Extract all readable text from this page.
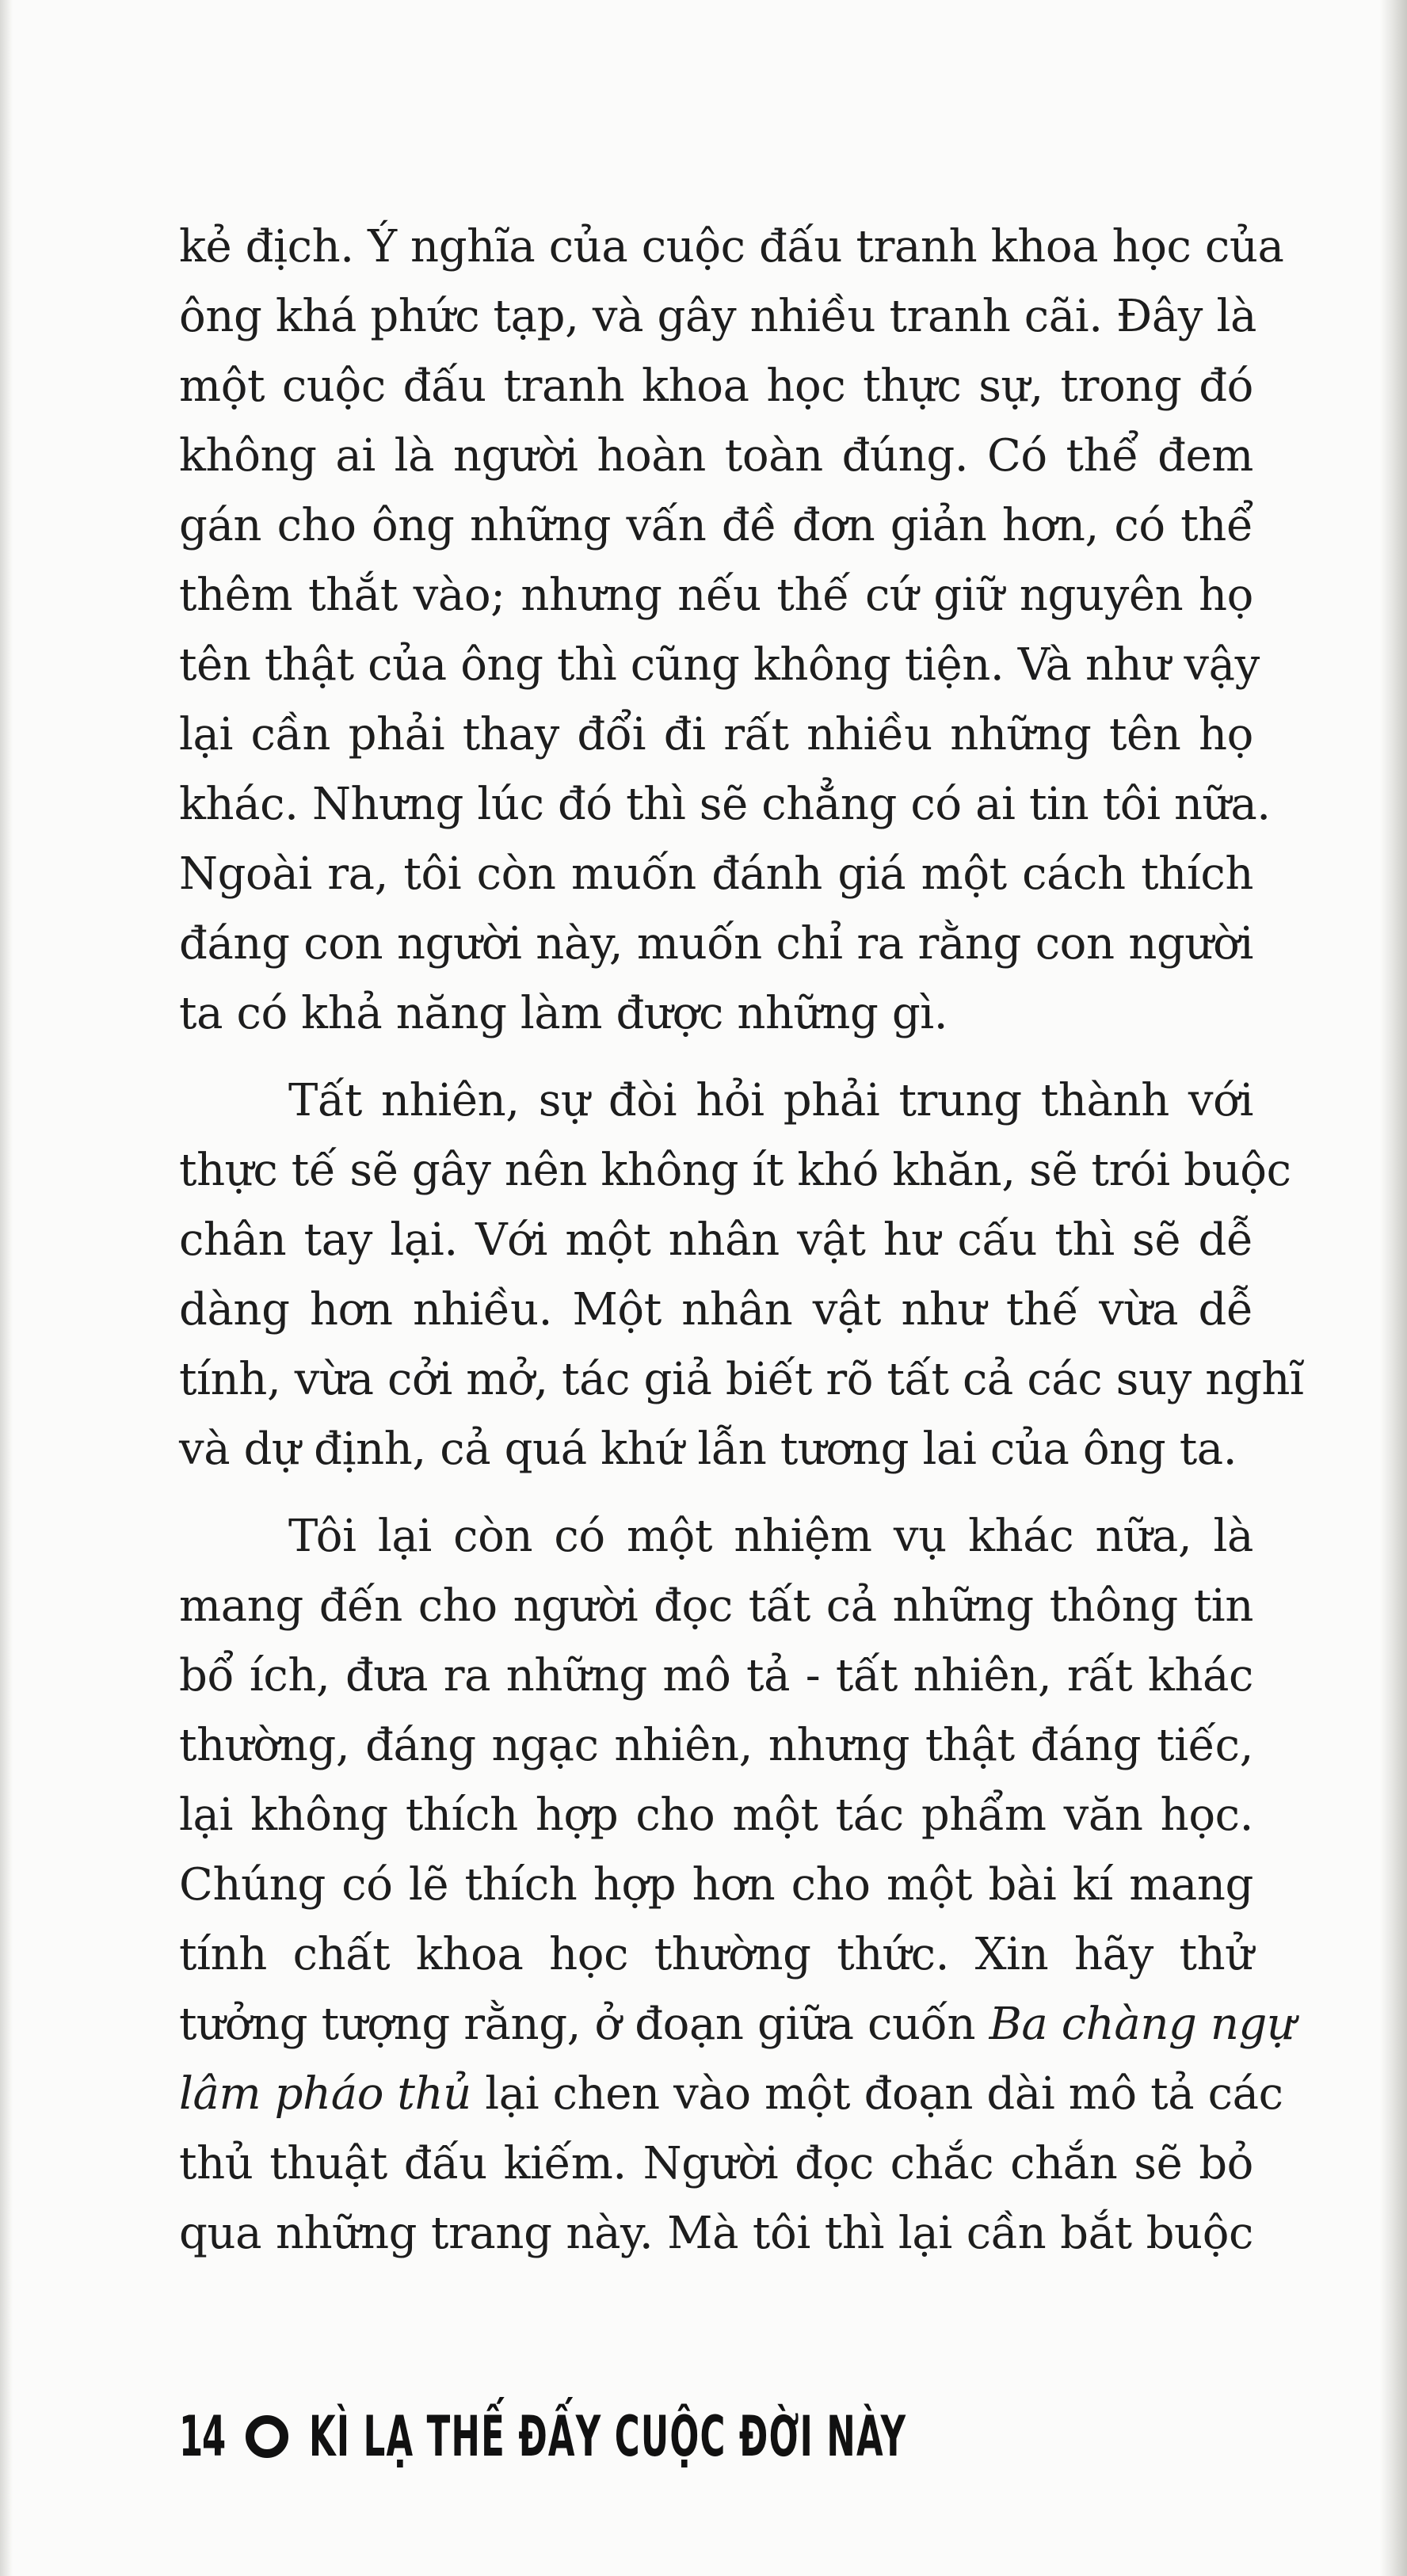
kẻ địch. Ý nghĩa của cuộc đấu tranh khoa học của
ông khá phức tạp, và gây nhiều tranh cãi. Đây là
một cuộc đấu tranh khoa học thực sự, trong đó
không ai là người hoàn toàn đúng. Có thể đem
gán cho ông những vấn đề đơn giản hơn, có thể
thêm thắt vào; nhưng nếu thế cứ giữ nguyên họ
tên thật của ông thì cũng không tiện. Và như vậy
lại cần phải thay đổi đi rất nhiều những tên họ
khác. Nhưng lúc đó thì sẽ chẳng có ai tin tôi nữa.
Ngoài ra, tôi còn muốn đánh giá một cách thích
đáng con người này, muốn chỉ ra rằng con người
ta có khả năng làm được những gì.
Tất nhiên, sự đòi hỏi phải trung thành với
thực tế sẽ gây nên không ít khó khăn, sẽ trói buộc
chân tay lại. Với một nhân vật hư cấu thì sẽ dễ
dàng hơn nhiều. Một nhân vật như thế vừa dễ
tính, vừa cởi mở, tác giả biết rõ tất cả các suy nghĩ
và dự định, cả quá khứ lẫn tương lai của ông ta.
Tôi lại còn có một nhiệm vụ khác nữa, là
mang đến cho người đọc tất cả những thông tin
bổ ích, đưa ra những mô tả - tất nhiên, rất khác
thường, đáng ngạc nhiên, nhưng thật đáng tiếc,
lại không thích hợp cho một tác phẩm văn học.
Chúng có lẽ thích hợp hơn cho một bài kí mang
tính chất khoa học thường thức. Xin hãy thử
tưởng tượng rằng, ở đoạn giữa cuốn Ba chàng ngự
lâm pháo thủ lại chen vào một đoạn dài mô tả các
thủ thuật đấu kiếm. Người đọc chắc chắn sẽ bỏ
qua những trang này. Mà tôi thì lại cần bắt buộc
14 KÌ LẠ THẾ ĐẤY CUỘC ĐỜI NÀY
